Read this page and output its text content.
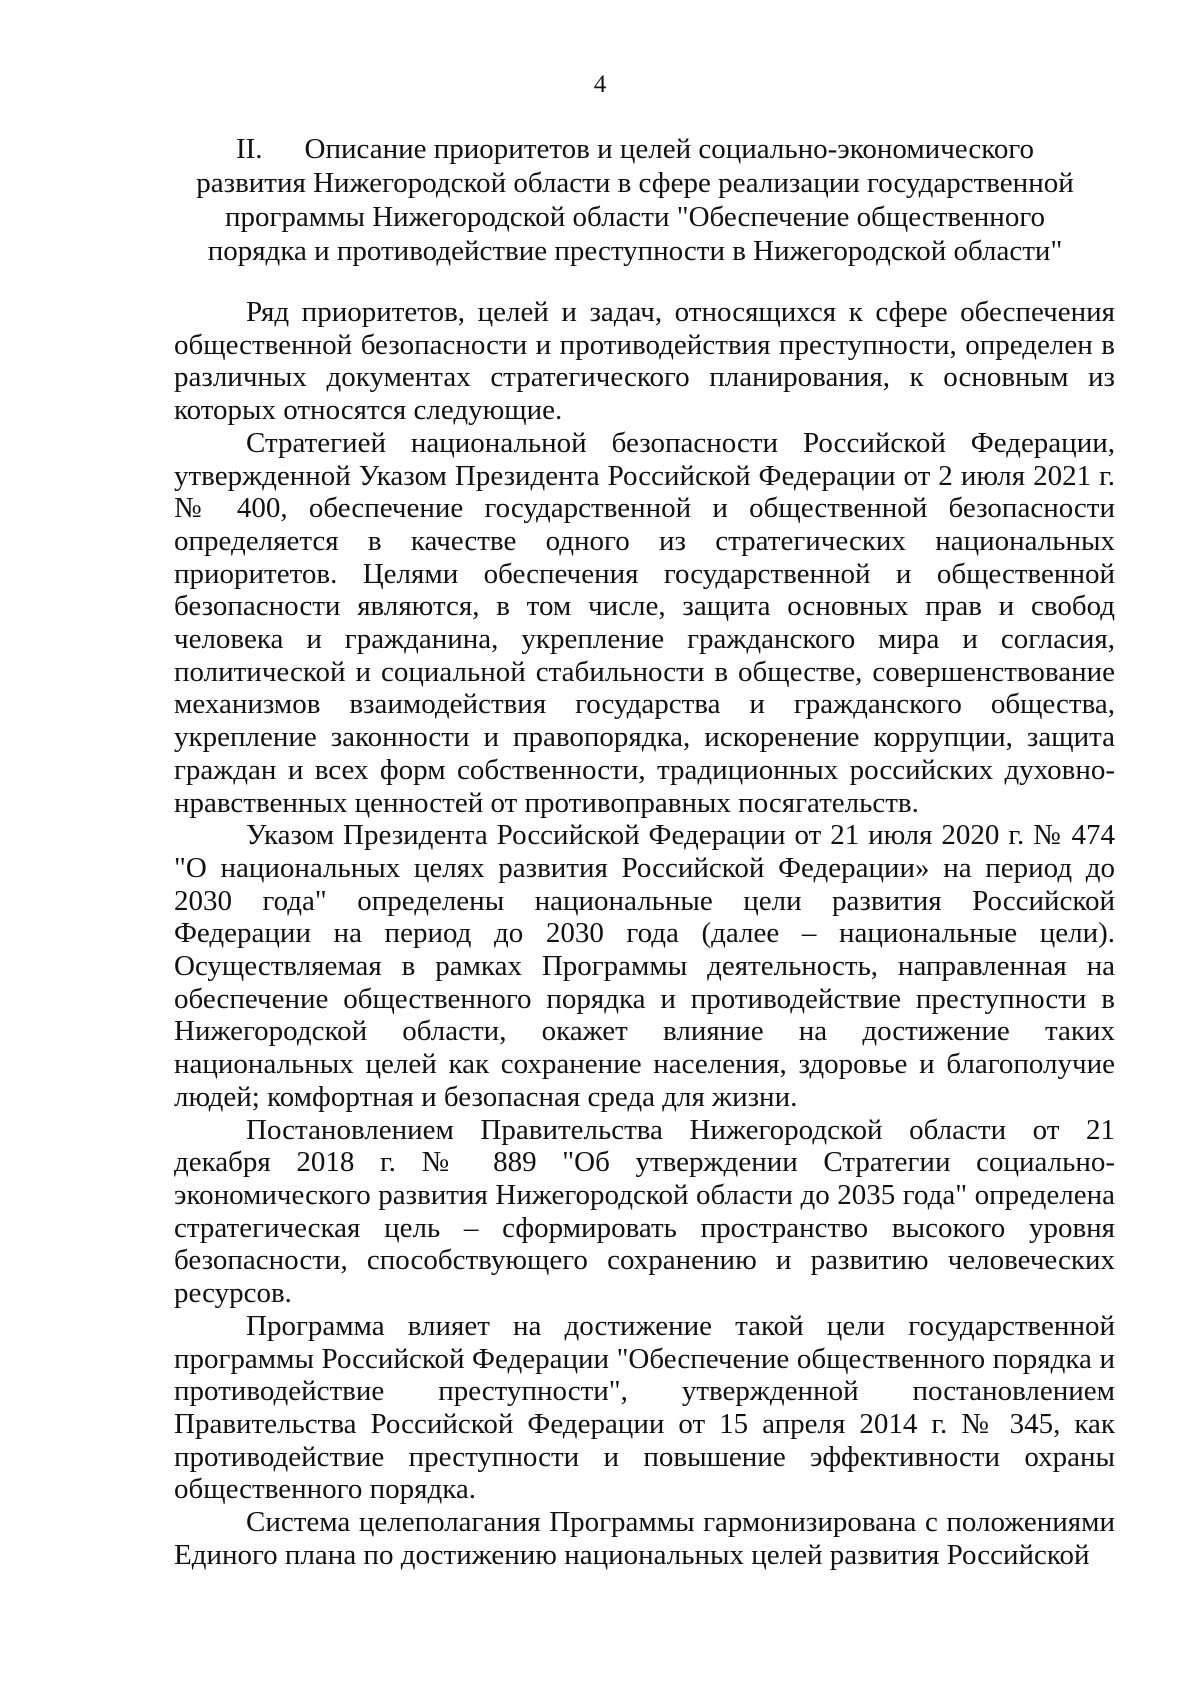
4
II. Описание приоритетов и целей социально-экономического развития Нижегородской области в сфере реализации государственной программы Нижегородской области "Обеспечение общественного порядка и противодействие преступности в Нижегородской области"

Ряд приоритетов, целей и задач, относящихся к сфере обеспечения общественной безопасности и противодействия преступности, определен в различных документах стратегического планирования, к основным из которых относятся следующие.

Стратегией национальной безопасности Российской Федерации, утвержденной Указом Президента Российской Федерации от 2 июля 2021 г. № 400, обеспечение государственной и общественной безопасности определяется в качестве одного из стратегических национальных приоритетов. Целями обеспечения государственной и общественной безопасности являются, в том числе, защита основных прав и свобод человека и гражданина, укрепление гражданского мира и согласия, политической и социальной стабильности в обществе, совершенствование механизмов взаимодействия государства и гражданского общества, укрепление законности и правопорядка, искоренение коррупции, защита граждан и всех форм собственности, традиционных российских духовно-нравственных ценностей от противоправных посягательств.

Указом Президента Российской Федерации от 21 июля 2020 г. № 474 "О национальных целях развития Российской Федерации» на период до 2030 года" определены национальные цели развития Российской Федерации на период до 2030 года (далее – национальные цели). Осуществляемая в рамках Программы деятельность, направленная на обеспечение общественного порядка и противодействие преступности в Нижегородской области, окажет влияние на достижение таких национальных целей как сохранение населения, здоровье и благополучие людей; комфортная и безопасная среда для жизни.

Постановлением Правительства Нижегородской области от 21 декабря 2018 г. № 889 "Об утверждении Стратегии социально-экономического развития Нижегородской области до 2035 года" определена стратегическая цель – сформировать пространство высокого уровня безопасности, способствующего сохранению и развитию человеческих ресурсов.

Программа влияет на достижение такой цели государственной программы Российской Федерации "Обеспечение общественного порядка и противодействие преступности", утвержденной постановлением Правительства Российской Федерации от 15 апреля 2014 г. № 345, как противодействие преступности и повышение эффективности охраны общественного порядка.

Система целеполагания Программы гармонизирована с положениями Единого плана по достижению национальных целей развития Российской
